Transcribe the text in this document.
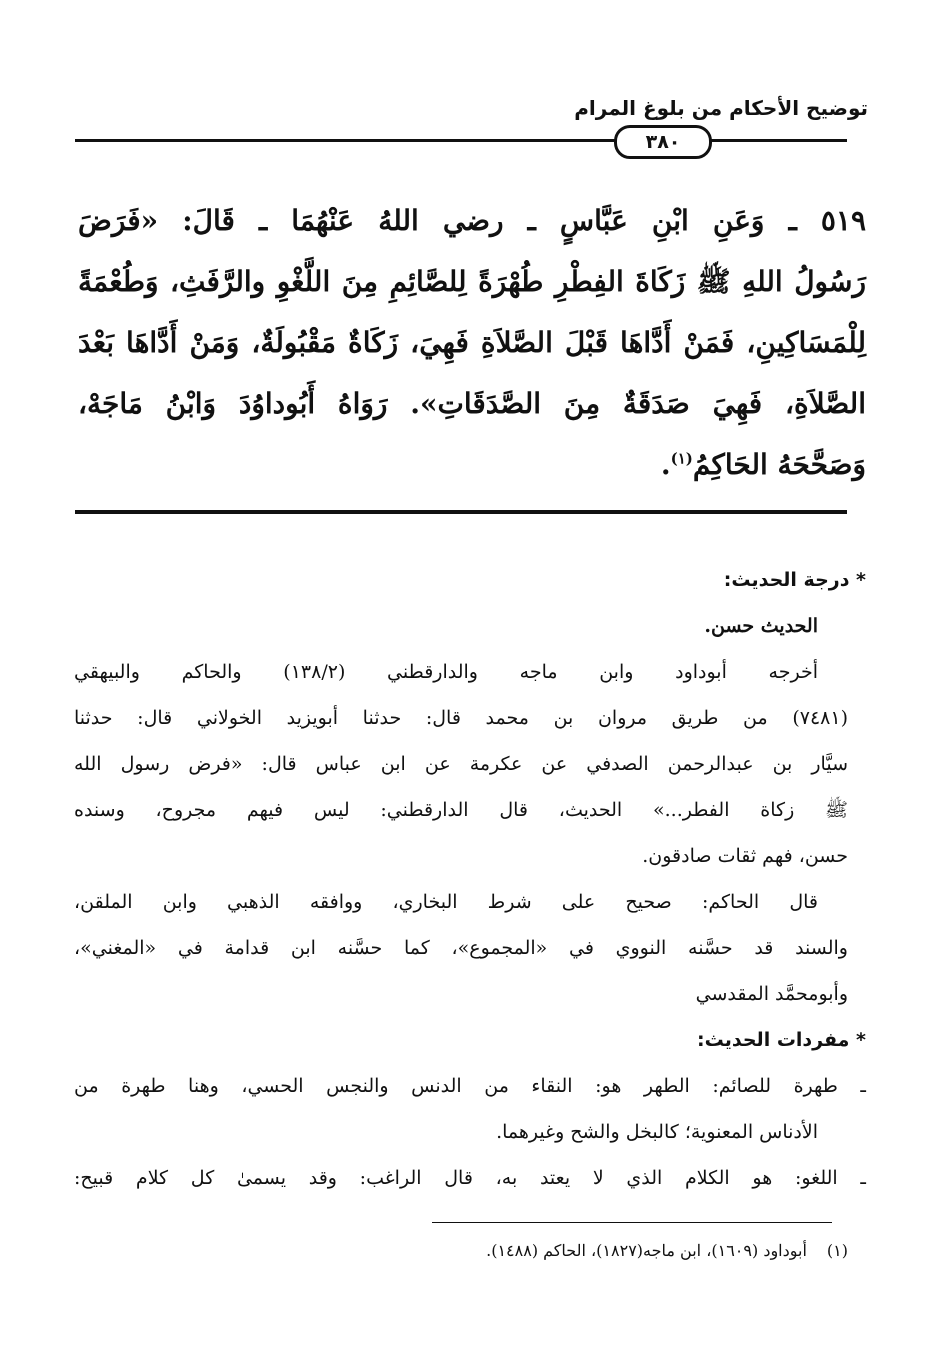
توضيح الأحكام من بلوغ المرام
٣٨٠
٥١٩ ـ وَعَنِ ابْنِ عَبَّاسٍ ـ رضي اللهُ عَنْهُمَا ـ قَالَ: «فَرَضَ
رَسُولُ اللهِ ﷺ زَكَاةَ الفِطْرِ طُهْرَةً لِلصَّائِمِ مِنَ اللَّغْوِ والرَّفَثِ، وَطُعْمَةً
لِلْمَسَاكِينِ، فَمَنْ أَدَّاهَا قَبْلَ الصَّلاَةِ فَهِيَ، زَكَاةٌ مَقْبُولَةٌ، وَمَنْ أَدَّاهَا بَعْدَ
الصَّلاَةِ، فَهِيَ صَدَقَةٌ مِنَ الصَّدَقَاتِ». رَوَاهُ أَبُوداوُدَ وَابْنُ مَاجَهْ،
وَصَحَّحَهُ الحَاكِمُ$^{(١)}$.
* درجة الحديث:
الحديث حسن.
أخرجه أبوداود وابن ماجه والدارقطني (١٣٨/٢) والحاكم والبيهقي
(٧٤٨١) من طريق مروان بن محمد قال: حدثنا أبويزيد الخولاني قال: حدثنا
سيَّار بن عبدالرحمن الصدفي عن عكرمة عن ابن عباس قال: «فرض رسول الله
ﷺ زكاة الفطر...» الحديث، قال الدارقطني: ليس فيهم مجروح، وسنده
حسن، فهم ثقات صادقون.
قال الحاكم: صحيح على شرط البخاري، ووافقه الذهبي وابن الملقن،
والسند قد حسَّنه النووي في «المجموع»، كما حسَّنه ابن قدامة في «المغني»،
وأبومحمَّد المقدسي
* مفردات الحديث:
ـ طهرة للصائم: الطهر هو: النقاء من الدنس والنجس الحسي، وهنا طهرة من
الأدناس المعنوية؛ كالبخل والشح وغيرهما.
ـ اللغو: هو الكلام الذي لا يعتد به، قال الراغب: وقد يسمىٰ كل كلام قبيح:
(١)أبوداود (١٦٠٩)، ابن ماجه(١٨٢٧)، الحاكم (١٤٨٨).
